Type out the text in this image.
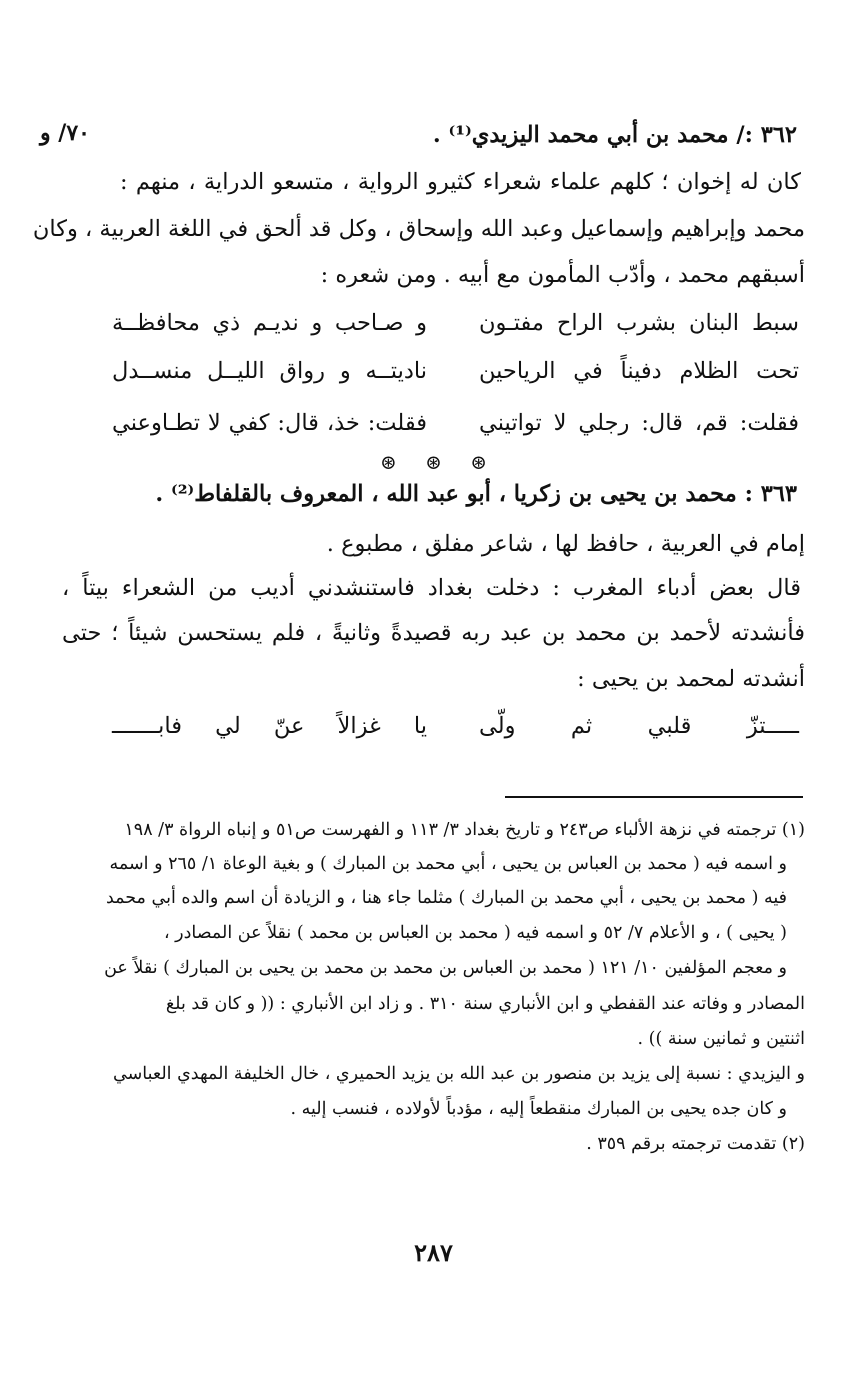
٧٠/ و	٣٦٢ :/ محمد بن أبي محمد اليزيدي⁽¹⁾ .
كان له إخوان ؛ كلهم علماء شعراء كثيرو الرواية ، متسعو الدراية ، منهم :
محمد وإبراهيم وإسماعيل وعبد الله وإسحاق ، وكل قد ألحق في اللغة العربية ، وكان
أسبقهم محمد ، وأدّب المأمون مع أبيه . ومن شعره :
و صـاحب و نديـم ذي محافظــة سبط البنان بشرب الراح مفتـون
ناديتــه و رواق الليــل منســدل تحت الظلام دفيناً في الرياحين
فقلت: خذ، قال: كفي لا تطـاوعني فقلت: قم، قال: رجلي لا تواتيني
⊛ ⊛ ⊛
٣٦٣ : محمد بن يحيى بن زكريا ، أبو عبد الله ، المعروف بالقلفاط⁽²⁾ .
إمام في العربية ، حافظ لها ، شاعر مفلق ، مطبوع .
قال بعض أدباء المغرب : دخلت بغداد فاستنشدني أديب من الشعراء بيتاً ،
فأنشدته لأحمد بن محمد بن عبد ربه قصيدةً وثانيةً ، فلم يستحسن شيئاً ؛ حتى
أنشدته لمحمد بن يحيى :
يا غزالاً عنّ لي فابـــــــ ـــــتزّ قلبي ثم ولّى
(١) ترجمته في نزهة الألباء ص٢٤٣ و تاريخ بغداد ٣/ ١١٣ و الفهرست ص٥١ و إنباه الرواة ٣/ ١٩٨
و اسمه فيه ( محمد بن العباس بن يحيى ، أبي محمد بن المبارك ) و بغية الوعاة ١/ ٢٦٥ و اسمه
فيه ( محمد بن يحيى ، أبي محمد بن المبارك ) مثلما جاء هنا ، و الزيادة أن اسم والده أبي محمد
( يحيى ) ، و الأعلام ٧/ ٥٢ و اسمه فيه ( محمد بن العباس بن محمد ) نقلاً عن المصادر ،
و معجم المؤلفين ١٠/ ١٢١ ( محمد بن العباس بن محمد بن محمد بن يحيى بن المبارك ) نقلاً عن
المصادر و وفاته عند القفطي و ابن الأنباري سنة ٣١٠ . و زاد ابن الأنباري : (( و كان قد بلغ
اثنتين و ثمانين سنة )) .
و اليزيدي : نسبة إلى يزيد بن منصور بن عبد الله بن يزيد الحميري ، خال الخليفة المهدي العباسي
و كان جده يحيى بن المبارك منقطعاً إليه ، مؤدباً لأولاده ، فنسب إليه .
(٢) تقدمت ترجمته برقم ٣٥٩ .
٢٨٧
